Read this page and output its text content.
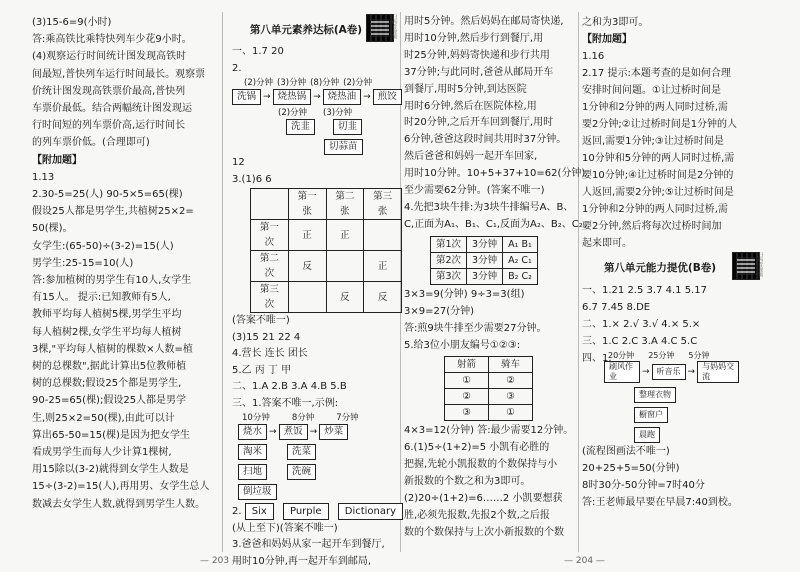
(3)15-6=9(小时)
答:乘高铁比乘特快列车少花9小时。
(4)观察运行时间统计图发现高铁时
间最短,普快列车运行时间最长。观察票
价统计图发现高铁票价最高,普快列
车票价最低。结合两幅统计图发现运
行时间短的列车票价高,运行时间长
的列车票价低。(合理即可)
【附加题】
1.13
2.30-5=25(人) 90-5×5=65(棵)
假设25人都是男学生,共植树25×2=
50(棵)。
女学生:(65-50)÷(3-2)=15(人)
男学生:25-15=10(人)
答:参加植树的男学生有10人,女学生
有15人。 提示:已知教师有5人,
教师平均每人植树5棵,男学生平均
每人植树2棵,女学生平均每人植树
3棵,"平均每人植树的棵数×人数=植
树的总棵数",据此计算出5位教师植
树的总棵数;假设25个都是男学生,
90-25=65(棵);假设25人都是男学
生,则25×2=50(棵),由此可以计
算出65-50=15(棵)是因为把女学生
看成男学生而每人少计算1棵树,
用15除以(3-2)就得到女学生人数是
15÷(3-2)=15(人),再用男、女学生总人
数减去女学生人数,就得到男学生人数。
第八单元素养达标(A卷)	扫码看视频
一、1.7 20
2.
(2)分钟 (3)分钟 (8)分钟 (2)分钟
洗锅 → 烧热锅 → 烧热油 → 煎饺
(2)分钟 (3)分钟
洗韭	切韭
切蒜苗
12
3.(1)6 6
	第一张	第二张	第三张
第一次	正	正	
第二次	反		正
第三次		反	反
(答案不唯一)
(3)15 21 22 4
4.营长 连长 团长
5.乙 丙 丁 甲
二、1.A 2.B 3.A 4.B 5.B
三、1.答案不唯一,示例:
10分钟	8分钟	7分钟
烧水 → 煮饭 → 炒菜
淘米	洗菜
扫地	洗碗
倒垃圾
2. Six Purple Dictionary
(从上至下)(答案不唯一)
3.爸爸和妈妈从家一起开车到餐厅,
用时10分钟,再一起开车到邮局,
用时5分钟。然后妈妈在邮局寄快递,
用时10分钟,然后步行到餐厅,用
时25分钟,妈妈寄快递和步行共用
37分钟;与此同时,爸爸从邮局开车
到餐厅,用时5分钟,到达医院
用时6分钟,然后在医院体检,用
时20分钟,之后开车回到餐厅,用时
6分钟,爸爸这段时间共用时37分钟。
然后爸爸和妈妈一起开车回家,
用时10分钟。10+5+37+10=62(分钟)
至少需要62分钟。(答案不唯一)
4.先把3块牛排:为3块牛排编号A、B、
C,正面为A₁、B₁、C₁,反面为A₂、B₂、C₂。
第1次	3分钟	A₁ B₁
第2次	3分钟	A₂ C₁
第3次	3分钟	B₂ C₂
3×3=9(分钟) 9÷3=3(组)
3×9=27(分钟)
答:煎9块牛排至少需要27分钟。
5.给3位小朋友编号①②③:
射箭	骑车
①	②
②	③
③	①
4×3=12(分钟) 答:最少需要12分钟。
6.(1)5÷(1+2)=5 小凯有必胜的
把握,先轮小凯报数的个数保持与小
新报数的个数之和为3即可。
(2)20÷(1+2)=6……2 小凯要想获
胜,必须先报数,先报2个数,之后报
数的个数保持与上次小新报数的个数
之和为3即可。
【附加题】
1.16
2.17 提示:本题考查的是如何合理
安排时间问题。①让过桥时间是
1分钟和2分钟的两人同时过桥,需
要2分钟;②让过桥时间是1分钟的人
返回,需要1分钟;③让过桥时间是
10分钟和5分钟的两人同时过桥,需
要10分钟;④让过桥时间是2分钟的
人返回,需要2分钟;⑤让过桥时间是
1分钟和2分钟的两人同时过桥,需
要2分钟,然后将每次过桥时间加
起来即可。
第八单元能力提优(B卷)	扫码看视频
一、1.21 2.5 3.7 4.1 5.17
6.7 7.45 8.DE
二、1.× 2.√ 3.√ 4.× 5.×
三、1.C 2.C 3.A 4.C 5.C
四、1.
20分钟 25分钟 5分钟
刷风作业	→ 听音乐 → 与妈妈交流
整理衣物
橱窗户
晨跑
(流程图画法不唯一)
20+25+5=50(分钟)
8时30分-50分钟=7时40分
答:王老师最早要在早晨7:40到校。
— 203 —	— 204 —
